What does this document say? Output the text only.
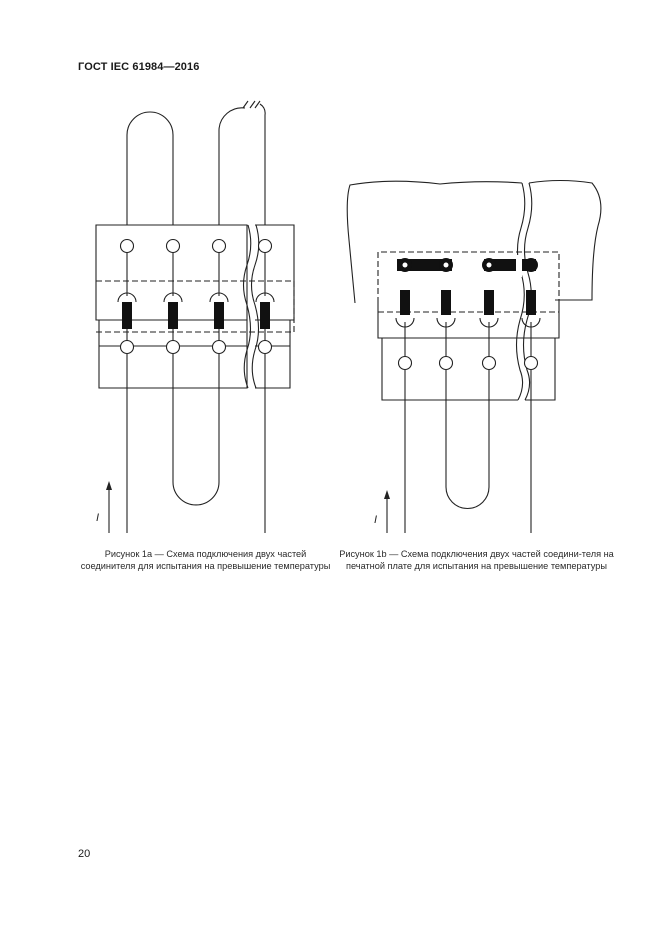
ГОСТ IEC 61984—2016
I	I
Рисунок 1а — Схема подключения двух частей соединителя для испытания на превышение температуры
Рисунок 1b — Схема подключения двух частей соедини-теля на печатной плате для испытания на превышение температуры
20
